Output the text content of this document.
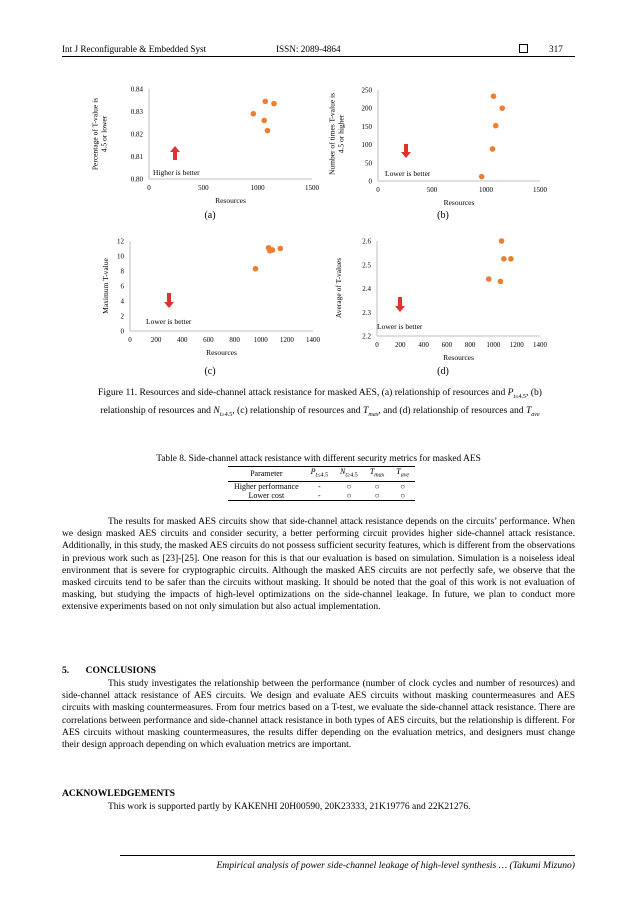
Int J Reconfigurable & Embedded Syst	ISSN: 2089-4864	317
0.80
0.81
0.82
0.83
0.84
0	500	1000	1500
Resources
Percentage of T-value is 4.5 or lower
Higher is better
(a)
0
50
100
150
200
250
0	500	1000	1500
Resources
Number of times T-value is 4.5 or higher
Lower is better
(b)
0
2
4
6
8
10
12
0	200 400 600 800 1000 1200 1400
Resources
Maximum T-value
Lower is better
(c)
2.2
2.3
2.4
2.5
2.6
0 200 400 600 800 1000 1200 1400
Resources
Average of T-values
Lower is better
(d)
Figure 11. Resources and side-channel attack resistance for masked AES, (a) relationship of resources and $P_{t\le 4.5}$, (b) relationship of resources and $N_{t\ge 4.5}$, (c) relationship of resources and $T_{max}$, and (d) relationship of resources and $T_{ave}$
Table 8. Side-channel attack resistance with different security metrics for masked AES
Parameter	$P_{t\le 4.5}$	$N_{t\ge 4.5}$	$T_{max}$	$T_{ave}$
Higher performance	-	○	○	○
Lower cost	-	○	○	○
The results for masked AES circuits show that side-channel attack resistance depends on the circuits’ performance. When we design masked AES circuits and consider security, a better performing circuit provides higher side-channel attack resistance. Additionally, in this study, the masked AES circuits do not possess sufficient security features, which is different from the observations in previous work such as [23]-[25]. One reason for this is that our evaluation is based on simulation. Simulation is a noiseless ideal environment that is severe for cryptographic circuits. Although the masked AES circuits are not perfectly safe, we observe that the masked circuits tend to be safer than the circuits without masking. It should be noted that the goal of this work is not evaluation of masking, but studying the impacts of high-level optimizations on the side-channel leakage. In future, we plan to conduct more extensive experiments based on not only simulation but also actual implementation.
5. CONCLUSIONS
This study investigates the relationship between the performance (number of clock cycles and number of resources) and side-channel attack resistance of AES circuits. We design and evaluate AES circuits without masking countermeasures and AES circuits with masking countermeasures. From four metrics based on a T-test, we evaluate the side-channel attack resistance. There are correlations between performance and side-channel attack resistance in both types of AES circuits, but the relationship is different. For AES circuits without masking countermeasures, the results differ depending on the evaluation metrics, and designers must change their design approach depending on which evaluation metrics are important.
ACKNOWLEDGEMENTS
This work is supported partly by KAKENHI 20H00590, 20K23333, 21K19776 and 22K21276.
Empirical analysis of power side-channel leakage of high-level synthesis … (Takumi Mizuno)
